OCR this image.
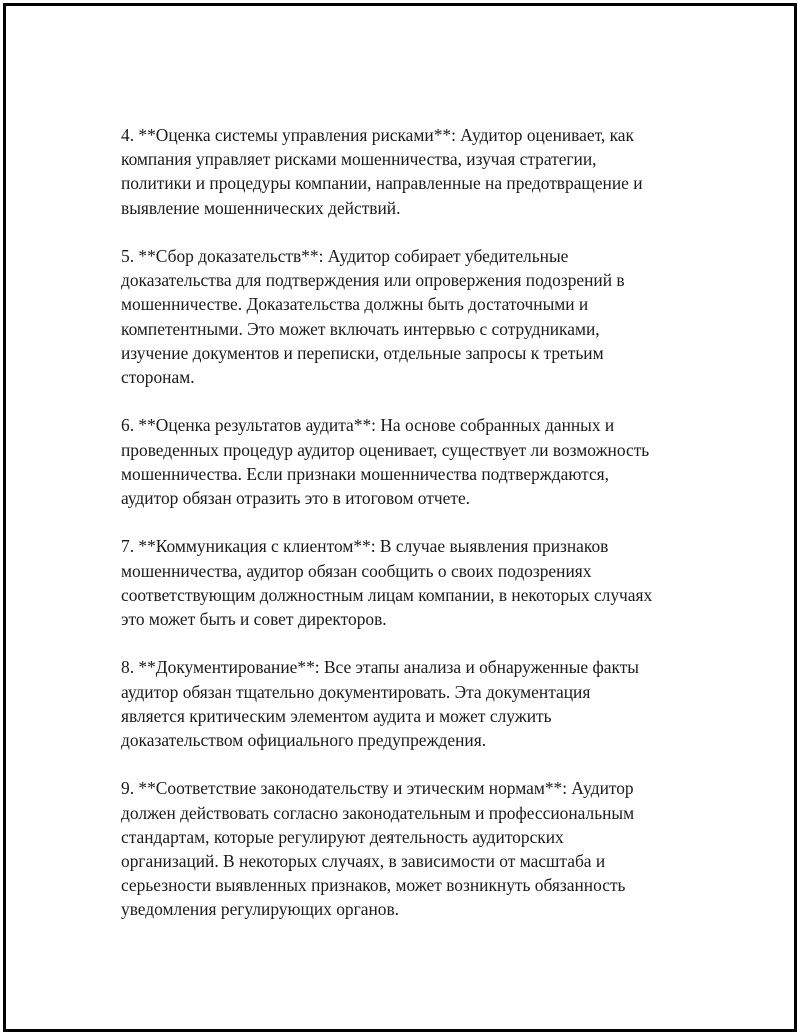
4. **Оценка системы управления рисками**: Аудитор оценивает, как
компания управляет рисками мошенничества, изучая стратегии,
политики и процедуры компании, направленные на предотвращение и
выявление мошеннических действий.

5. **Сбор доказательств**: Аудитор собирает убедительные
доказательства для подтверждения или опровержения подозрений в
мошенничестве. Доказательства должны быть достаточными и
компетентными. Это может включать интервью с сотрудниками,
изучение документов и переписки, отдельные запросы к третьим
сторонам.

6. **Оценка результатов аудита**: На основе собранных данных и
проведенных процедур аудитор оценивает, существует ли возможность
мошенничества. Если признаки мошенничества подтверждаются,
аудитор обязан отразить это в итоговом отчете.

7. **Коммуникация с клиентом**: В случае выявления признаков
мошенничества, аудитор обязан сообщить о своих подозрениях
соответствующим должностным лицам компании, в некоторых случаях
это может быть и совет директоров.

8. **Документирование**: Все этапы анализа и обнаруженные факты
аудитор обязан тщательно документировать. Эта документация
является критическим элементом аудита и может служить
доказательством официального предупреждения.

9. **Соответствие законодательству и этическим нормам**: Аудитор
должен действовать согласно законодательным и профессиональным
стандартам, которые регулируют деятельность аудиторских
организаций. В некоторых случаях, в зависимости от масштаба и
серьезности выявленных признаков, может возникнуть обязанность
уведомления регулирующих органов.
